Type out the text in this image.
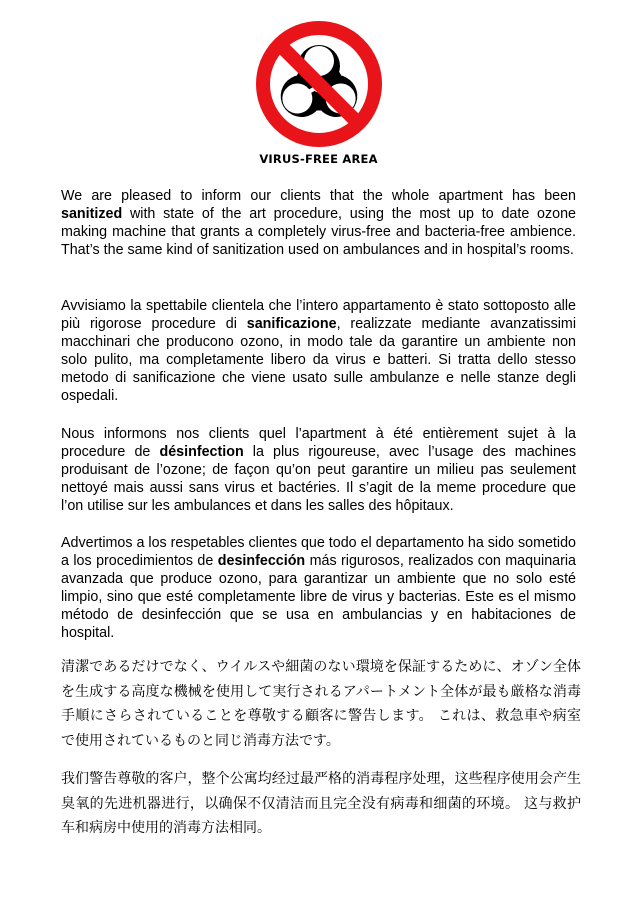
VIRUS-FREE AREA

We are pleased to inform our clients that the whole apartment has been sanitized with state of the art procedure, using the most up to date ozone making machine that grants a completely virus-free and bacteria-free ambience. That’s the same kind of sanitization used on ambulances and in hospital’s rooms.

Avvisiamo la spettabile clientela che l’intero appartamento è stato sottoposto alle più rigorose procedure di sanificazione, realizzate mediante avanzatissimi macchinari che producono ozono, in modo tale da garantire un ambiente non solo pulito, ma completamente libero da virus e batteri. Si tratta dello stesso metodo di sanificazione che viene usato sulle ambulanze e nelle stanze degli ospedali.

Nous informons nos clients quel l’apartment à été entièrement sujet à la procedure de désinfection la plus rigoureuse, avec l’usage des machines produisant de l’ozone; de façon qu’on peut garantire un milieu pas seulement nettoyé mais aussi sans virus et bactéries. Il s’agit de la meme procedure que l’on utilise sur les ambulances et dans les salles des hôpitaux.

Advertimos a los respetables clientes que todo el departamento ha sido sometido a los procedimientos de desinfección más rigurosos, realizados con maquinaria avanzada que produce ozono, para garantizar un ambiente que no solo esté limpio, sino que esté completamente libre de virus y bacterias. Este es el mismo método de desinfección que se usa en ambulancias y en habitaciones de hospital.

清潔であるだけでなく、ウイルスや細菌のない環境を保証するために、オゾン全体を生成する高度な機械を使用して実行されるアパートメント全体が最も厳格な消毒手順にさらされていることを尊敬する顧客に警告します。 これは、救急車や病室で使用されているものと同じ消毒方法です。

我们警告尊敬的客户，整个公寓均经过最严格的消毒程序处理，这些程序使用会产生臭氧的先进机器进行，以确保不仅清洁而且完全没有病毒和细菌的环境。 这与救护车和病房中使用的消毒方法相同。
